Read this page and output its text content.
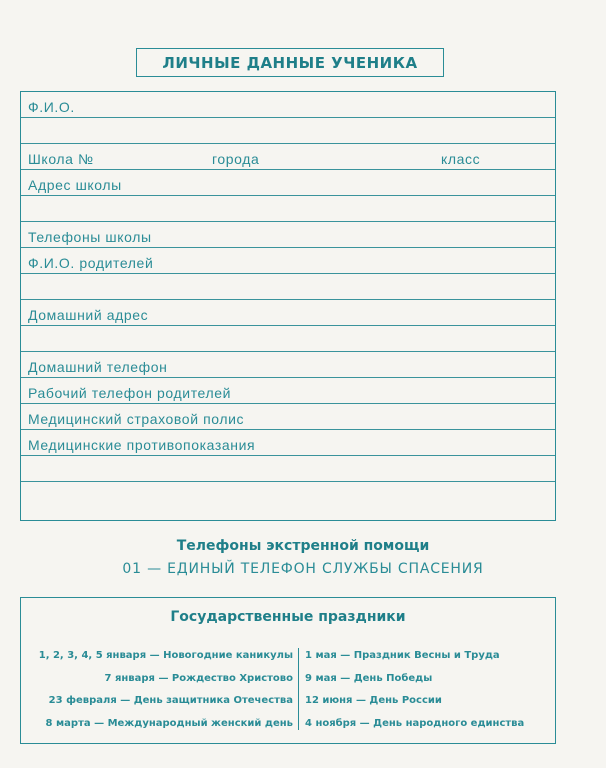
ЛИЧНЫЕ ДАННЫЕ УЧЕНИКА
Ф.И.О.
Школа №	города	класс
Адрес школы
Телефоны школы
Ф.И.О. родителей
Домашний адрес
Домашний телефон
Рабочий телефон родителей
Медицинский страховой полис
Медицинские противопоказания
Телефоны экстренной помощи
01 — ЕДИНЫЙ ТЕЛЕФОН СЛУЖБЫ СПАСЕНИЯ
Государственные праздники
1, 2, 3, 4, 5 января — Новогодние каникулы
7 января — Рождество Христово
23 февраля — День защитника Отечества
8 марта — Международный женский день
1 мая — Праздник Весны и Труда
9 мая — День Победы
12 июня — День России
4 ноября — День народного единства
